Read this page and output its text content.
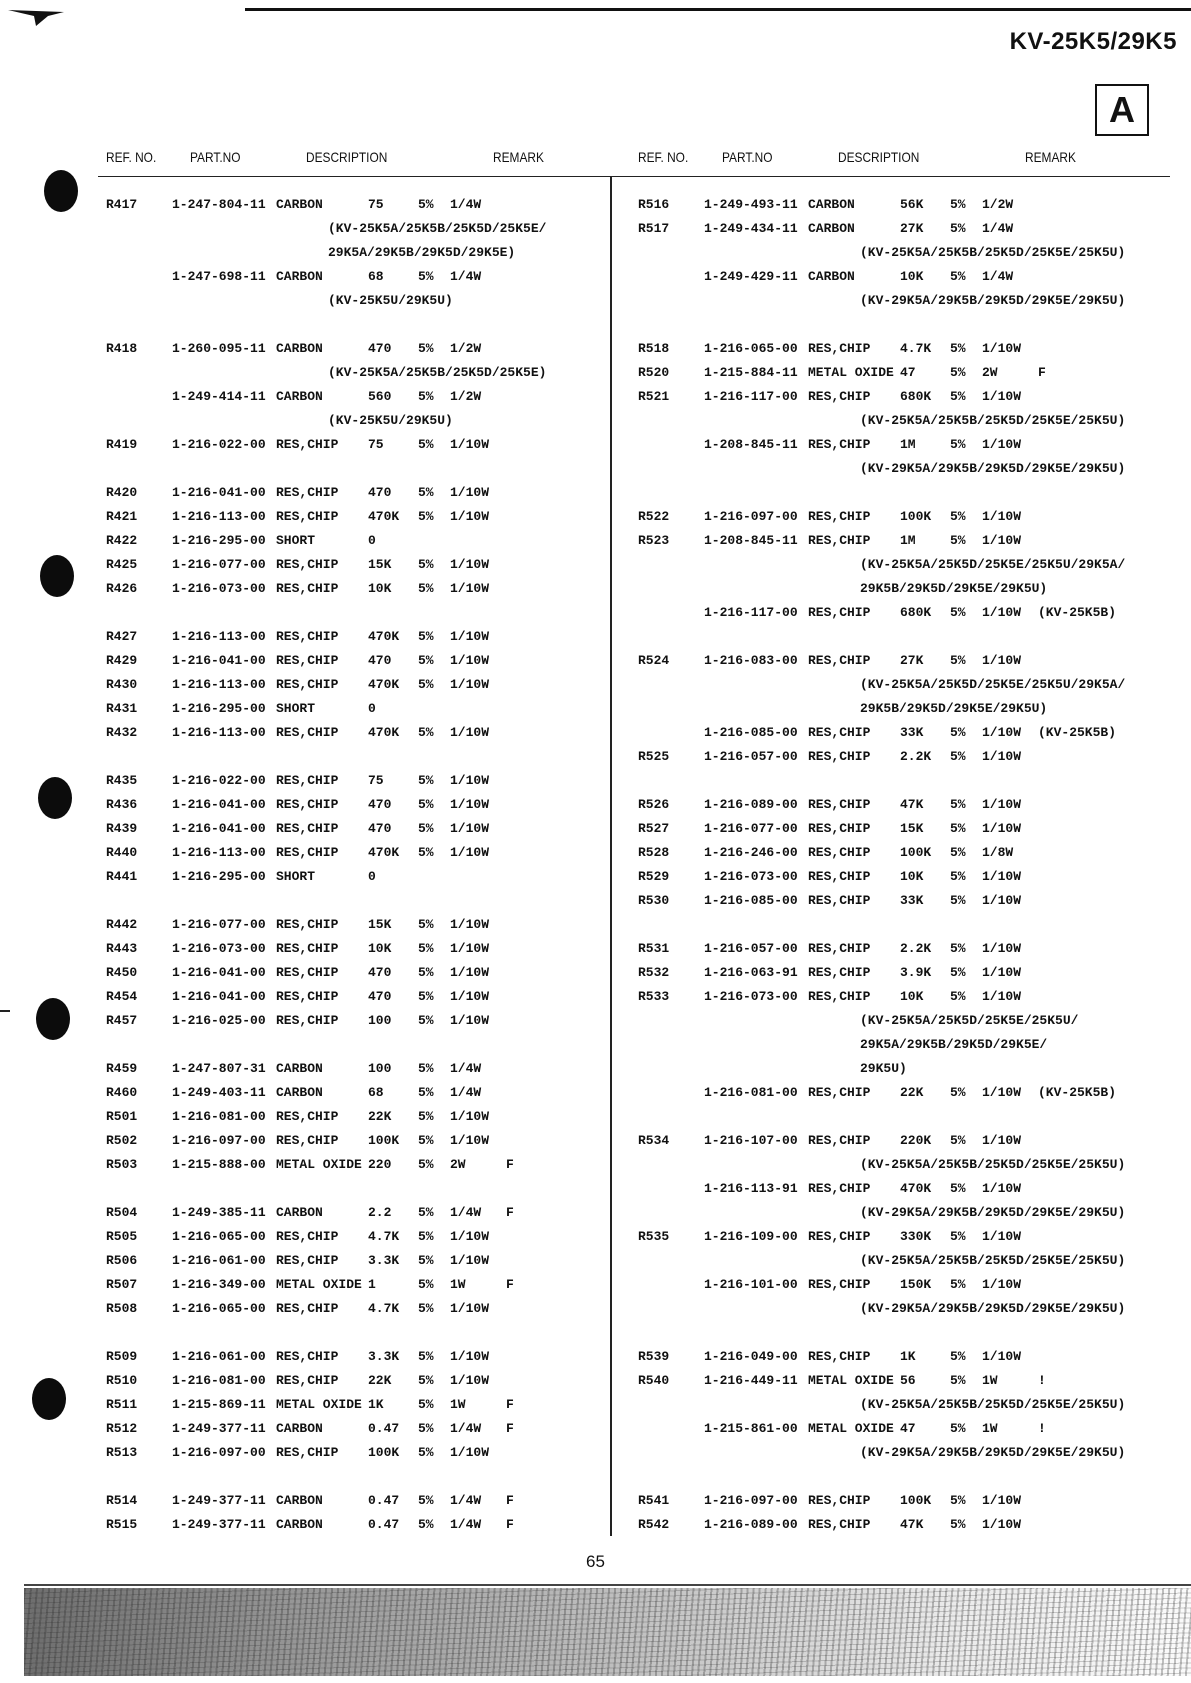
KV-25K5/29K5
A
REF. NO. PART.NO	DESCRIPTION	REMARK
R417	1-247-804-11 CARBON	75	5% 1/4W
(KV-25K5A/25K5B/25K5D/25K5E/
29K5A/29K5B/29K5D/29K5E)
1-247-698-11 CARBON	68	5% 1/4W
(KV-25K5U/29K5U)
R418	1-260-095-11 CARBON	470 5% 1/2W
(KV-25K5A/25K5B/25K5D/25K5E)
1-249-414-11 CARBON	560 5% 1/2W
(KV-25K5U/29K5U)
R419	1-216-022-00 RES,CHIP 75	5% 1/10W
R420	1-216-041-00 RES,CHIP 470 5% 1/10W
R421	1-216-113-00 RES,CHIP 470K 5% 1/10W
R422	1-216-295-00 SHORT	0
R425	1-216-077-00 RES,CHIP 15K 5% 1/10W
R426	1-216-073-00 RES,CHIP 10K 5% 1/10W
R427	1-216-113-00 RES,CHIP 470K 5% 1/10W
R429	1-216-041-00 RES,CHIP 470 5% 1/10W
R430	1-216-113-00 RES,CHIP 470K 5% 1/10W
R431	1-216-295-00 SHORT	0
R432	1-216-113-00 RES,CHIP 470K 5% 1/10W
R435	1-216-022-00 RES,CHIP 75	5% 1/10W
R436	1-216-041-00 RES,CHIP 470 5% 1/10W
R439	1-216-041-00 RES,CHIP 470 5% 1/10W
R440	1-216-113-00 RES,CHIP 470K 5% 1/10W
R441	1-216-295-00 SHORT	0
R442	1-216-077-00 RES,CHIP 15K 5% 1/10W
R443	1-216-073-00 RES,CHIP 10K 5% 1/10W
R450	1-216-041-00 RES,CHIP 470 5% 1/10W
R454	1-216-041-00 RES,CHIP 470 5% 1/10W
R457	1-216-025-00 RES,CHIP 100 5% 1/10W
R459	1-247-807-31 CARBON	100 5% 1/4W
R460	1-249-403-11 CARBON	68	5% 1/4W
R501	1-216-081-00 RES,CHIP 22K 5% 1/10W
R502	1-216-097-00 RES,CHIP 100K 5% 1/10W
R503	1-215-888-00 METAL OXIDE 220 5% 2W	F
R504	1-249-385-11 CARBON	2.2 5% 1/4W F
R505	1-216-065-00 RES,CHIP 4.7K 5% 1/10W
R506	1-216-061-00 RES,CHIP 3.3K 5% 1/10W
R507	1-216-349-00 METAL OXIDE 1	5% 1W	F
R508	1-216-065-00 RES,CHIP 4.7K 5% 1/10W
R509	1-216-061-00 RES,CHIP 3.3K 5% 1/10W
R510	1-216-081-00 RES,CHIP 22K 5% 1/10W
R511	1-215-869-11 METAL OXIDE 1K	5% 1W	F
R512	1-249-377-11 CARBON	0.47 5% 1/4W F
R513	1-216-097-00 RES,CHIP 100K 5% 1/10W
R514	1-249-377-11 CARBON	0.47 5% 1/4W F
R515	1-249-377-11 CARBON	0.47 5% 1/4W F
REF. NO. PART.NO	DESCRIPTION	REMARK
R516	1-249-493-11 CARBON	56K 5% 1/2W
R517	1-249-434-11 CARBON	27K 5% 1/4W
(KV-25K5A/25K5B/25K5D/25K5E/25K5U)
1-249-429-11 CARBON	10K 5% 1/4W
(KV-29K5A/29K5B/29K5D/29K5E/29K5U)
R518	1-216-065-00 RES,CHIP 4.7K 5% 1/10W
R520	1-215-884-11 METAL OXIDE 47	5% 2W	F
R521	1-216-117-00 RES,CHIP 680K 5% 1/10W
(KV-25K5A/25K5B/25K5D/25K5E/25K5U)
1-208-845-11 RES,CHIP 1M	5% 1/10W
(KV-29K5A/29K5B/29K5D/29K5E/29K5U)
R522	1-216-097-00 RES,CHIP 100K 5% 1/10W
R523	1-208-845-11 RES,CHIP 1M	5% 1/10W
(KV-25K5A/25K5D/25K5E/25K5U/29K5A/
29K5B/29K5D/29K5E/29K5U)
1-216-117-00 RES,CHIP 680K 5% 1/10W (KV-25K5B)
R524	1-216-083-00 RES,CHIP 27K 5% 1/10W
(KV-25K5A/25K5D/25K5E/25K5U/29K5A/
29K5B/29K5D/29K5E/29K5U)
1-216-085-00 RES,CHIP 33K 5% 1/10W (KV-25K5B)
R525	1-216-057-00 RES,CHIP 2.2K 5% 1/10W
R526	1-216-089-00 RES,CHIP 47K 5% 1/10W
R527	1-216-077-00 RES,CHIP 15K 5% 1/10W
R528	1-216-246-00 RES,CHIP 100K 5% 1/8W
R529	1-216-073-00 RES,CHIP 10K 5% 1/10W
R530	1-216-085-00 RES,CHIP 33K 5% 1/10W
R531	1-216-057-00 RES,CHIP 2.2K 5% 1/10W
R532	1-216-063-91 RES,CHIP 3.9K 5% 1/10W
R533	1-216-073-00 RES,CHIP 10K 5% 1/10W
(KV-25K5A/25K5D/25K5E/25K5U/
29K5A/29K5B/29K5D/29K5E/
29K5U)
1-216-081-00 RES,CHIP 22K 5% 1/10W (KV-25K5B)
R534	1-216-107-00 RES,CHIP 220K 5% 1/10W
(KV-25K5A/25K5B/25K5D/25K5E/25K5U)
1-216-113-91 RES,CHIP 470K 5% 1/10W
(KV-29K5A/29K5B/29K5D/29K5E/29K5U)
R535	1-216-109-00 RES,CHIP 330K 5% 1/10W
(KV-25K5A/25K5B/25K5D/25K5E/25K5U)
1-216-101-00 RES,CHIP 150K 5% 1/10W
(KV-29K5A/29K5B/29K5D/29K5E/29K5U)
R539	1-216-049-00 RES,CHIP 1K	5% 1/10W
R540	1-216-449-11 METAL OXIDE 56	5% 1W	!
(KV-25K5A/25K5B/25K5D/25K5E/25K5U)
1-215-861-00 METAL OXIDE 47	5% 1W	!
(KV-29K5A/29K5B/29K5D/29K5E/29K5U)
R541	1-216-097-00 RES,CHIP 100K 5% 1/10W
R542	1-216-089-00 RES,CHIP 47K 5% 1/10W
65
